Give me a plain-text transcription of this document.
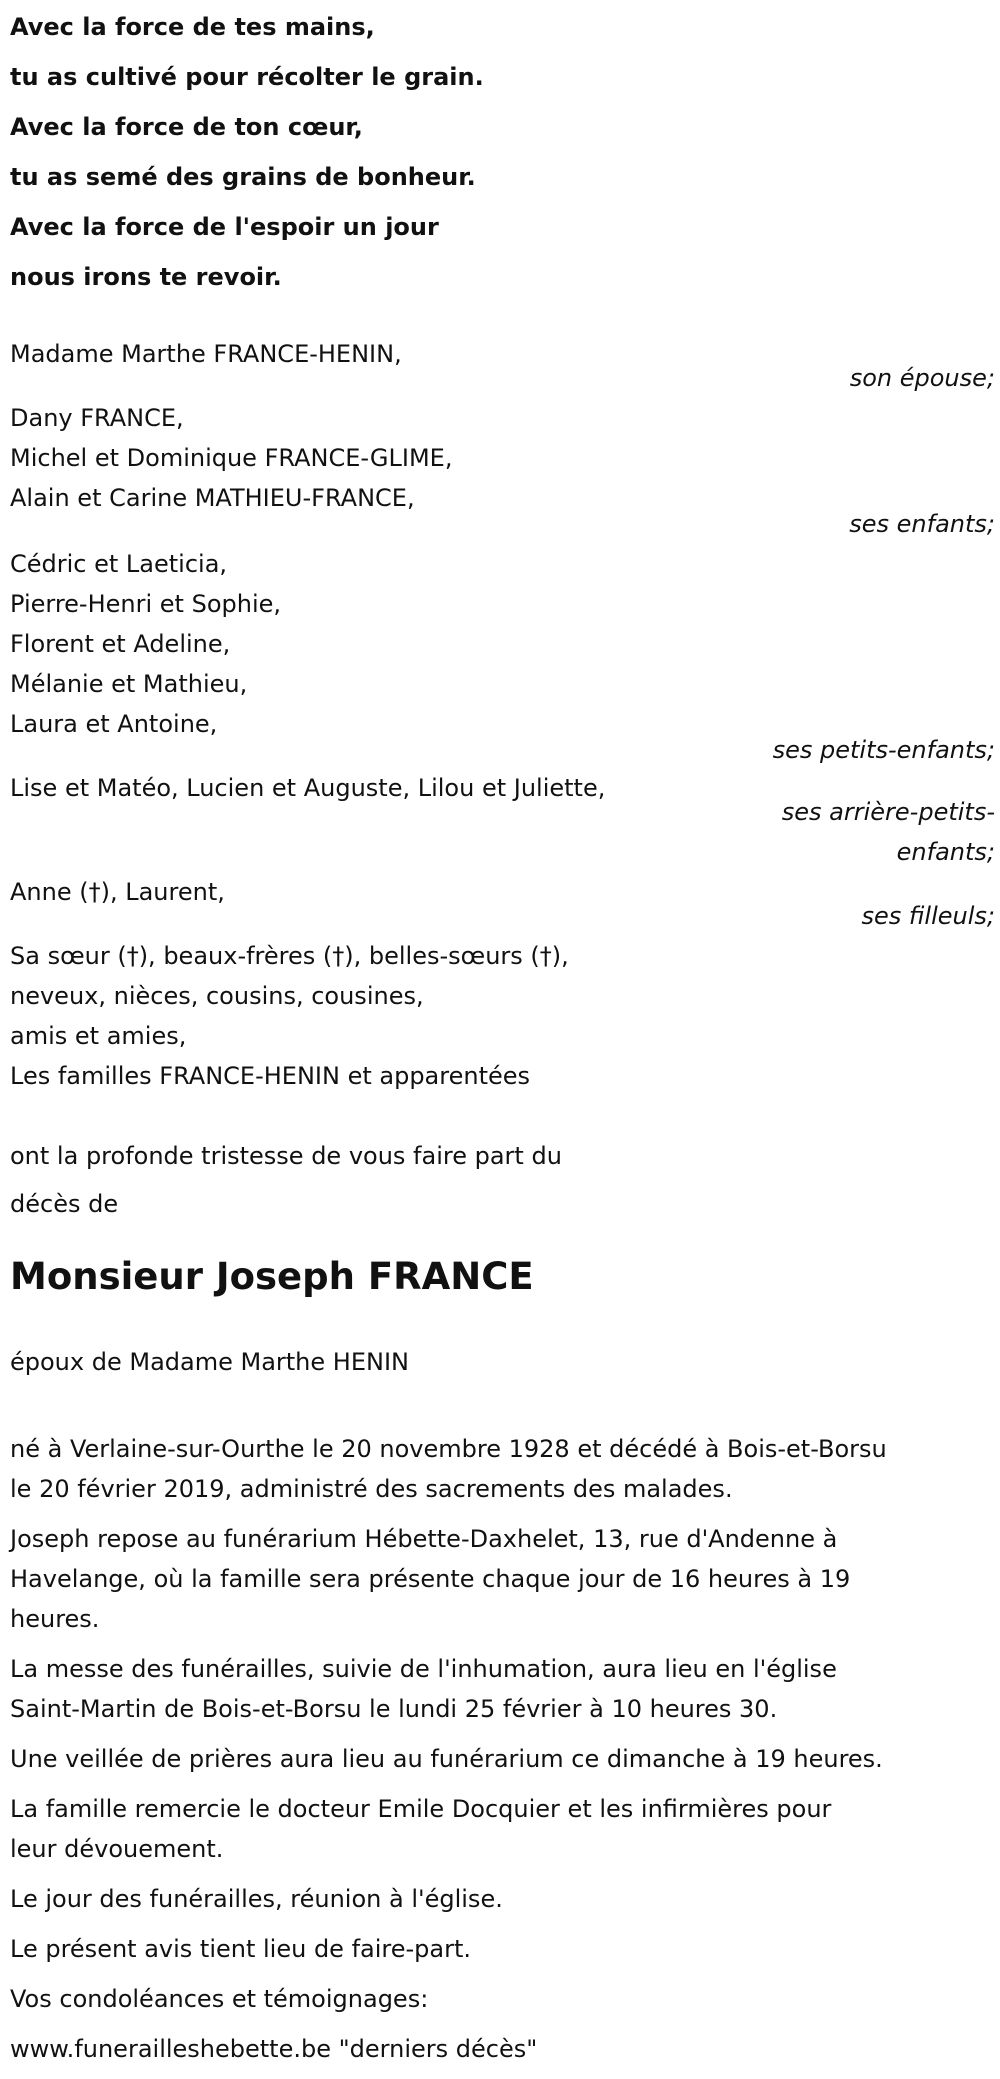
Avec la force de tes mains,
tu as cultivé pour récolter le grain.
Avec la force de ton cœur,
tu as semé des grains de bonheur.
Avec la force de l'espoir un jour
nous irons te revoir.
Madame Marthe FRANCE-HENIN,
son épouse;
Dany FRANCE,
Michel et Dominique FRANCE-GLIME,
Alain et Carine MATHIEU-FRANCE,
ses enfants;
Cédric et Laeticia,
Pierre-Henri et Sophie,
Florent et Adeline,
Mélanie et Mathieu,
Laura et Antoine,
ses petits-enfants;
Lise et Matéo, Lucien et Auguste, Lilou et Juliette,
ses arrière-petits-
enfants;
Anne (†), Laurent,
ses filleuls;
Sa sœur (†), beaux-frères (†), belles-sœurs (†),
neveux, nièces, cousins, cousines,
amis et amies,
Les familles FRANCE-HENIN et apparentées
ont la profonde tristesse de vous faire part du
décès de
Monsieur Joseph FRANCE
époux de Madame Marthe HENIN

né à Verlaine-sur-Ourthe le 20 novembre 1928 et décédé à Bois-et-Borsu
le 20 février 2019, administré des sacrements des malades.

Joseph repose au funérarium Hébette-Daxhelet, 13, rue d'Andenne à
Havelange, où la famille sera présente chaque jour de 16 heures à 19
heures.

La messe des funérailles, suivie de l'inhumation, aura lieu en l'église
Saint-Martin de Bois-et-Borsu le lundi 25 février à 10 heures 30.

Une veillée de prières aura lieu au funérarium ce dimanche à 19 heures.

La famille remercie le docteur Emile Docquier et les infirmières pour
leur dévouement.

Le jour des funérailles, réunion à l'église.

Le présent avis tient lieu de faire-part.

Vos condoléances et témoignages:

www.funerailleshebette.be "derniers décès"
